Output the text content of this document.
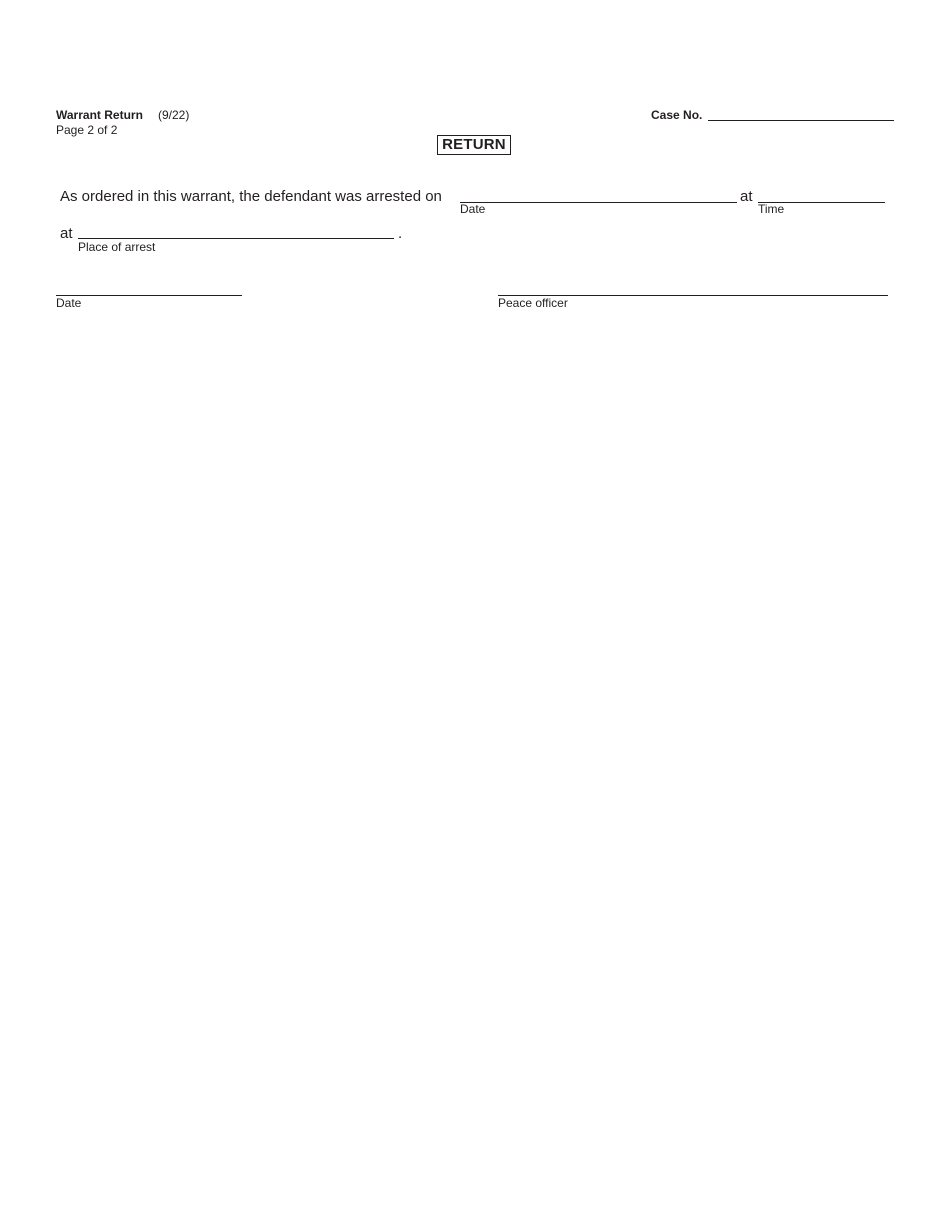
Warrant Return (9/22)
Page 2 of 2
Case No.
RETURN
As ordered in this warrant, the defendant was arrested on
Date
at
Time
at
Place of arrest
.
Date	Peace officer
